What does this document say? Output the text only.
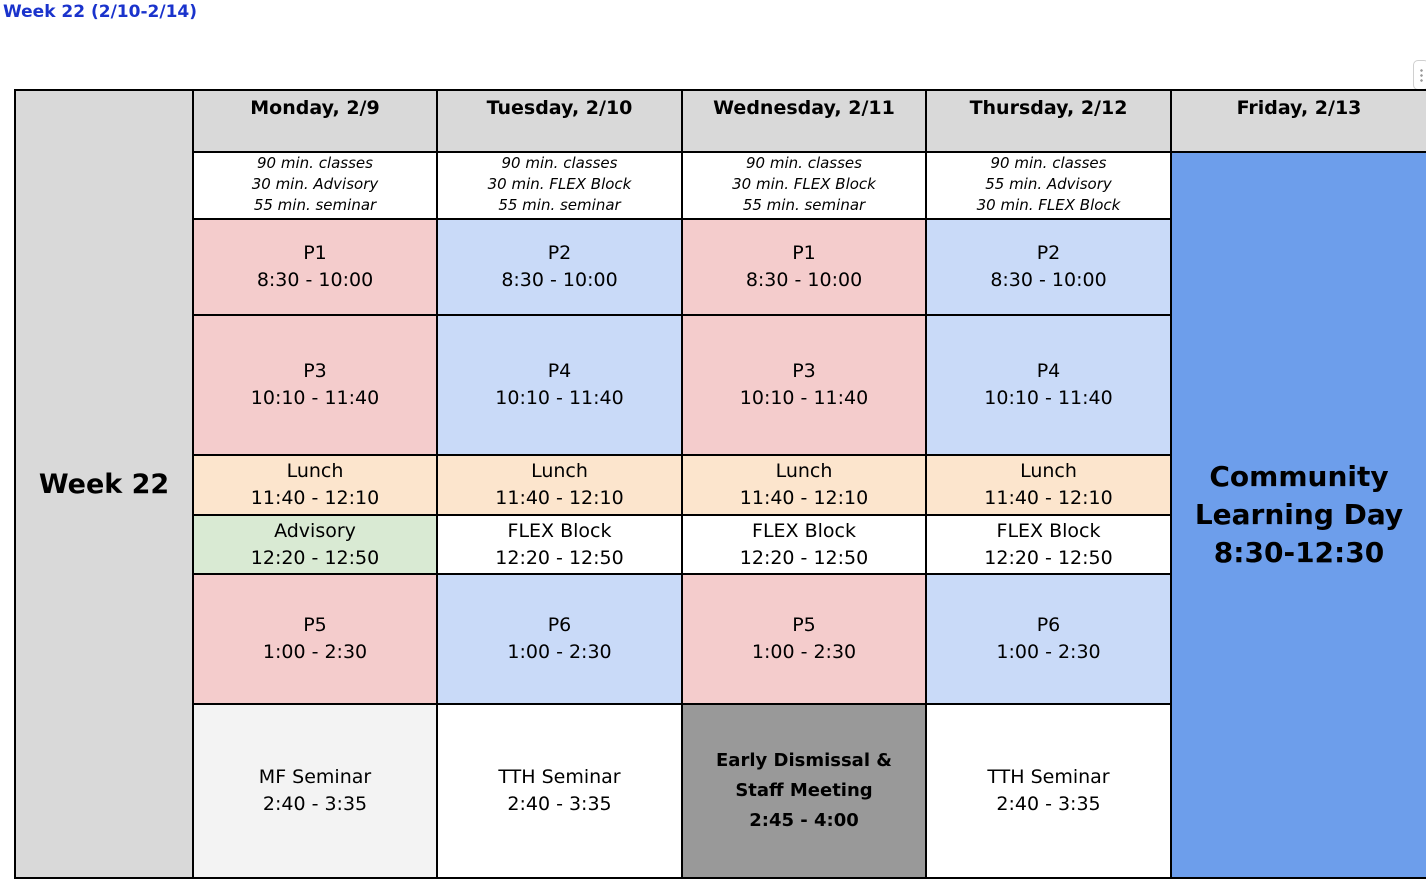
Week 22 (2/10-2/14)
Week 22	Monday, 2/9	Tuesday, 2/10	Wednesday, 2/11	Thursday, 2/12	Friday, 2/13

	90 min. classes
30 min. Advisory
55 min. seminar	90 min. classes
30 min. FLEX Block
55 min. seminar	90 min. classes
30 min. FLEX Block
55 min. seminar	90 min. classes
55 min. Advisory
30 min. FLEX Block	Community
Learning Day
8:30-12:30

	P1
8:30 - 10:00	P2
8:30 - 10:00	P1
8:30 - 10:00	P2
8:30 - 10:00	

	P3
10:10 - 11:40	P4
10:10 - 11:40	P3
10:10 - 11:40	P4
10:10 - 11:40	

	Lunch
11:40 - 12:10	Lunch
11:40 - 12:10	Lunch
11:40 - 12:10	Lunch
11:40 - 12:10	

	Advisory
12:20 - 12:50	FLEX Block
12:20 - 12:50	FLEX Block
12:20 - 12:50	FLEX Block
12:20 - 12:50	

	P5
1:00 - 2:30	P6
1:00 - 2:30	P5
1:00 - 2:30	P6
1:00 - 2:30	

	MF Seminar
2:40 - 3:35	TTH Seminar
2:40 - 3:35	Early Dismissal &
Staff Meeting
2:45 - 4:00	TTH Seminar
2:40 - 3:35	
